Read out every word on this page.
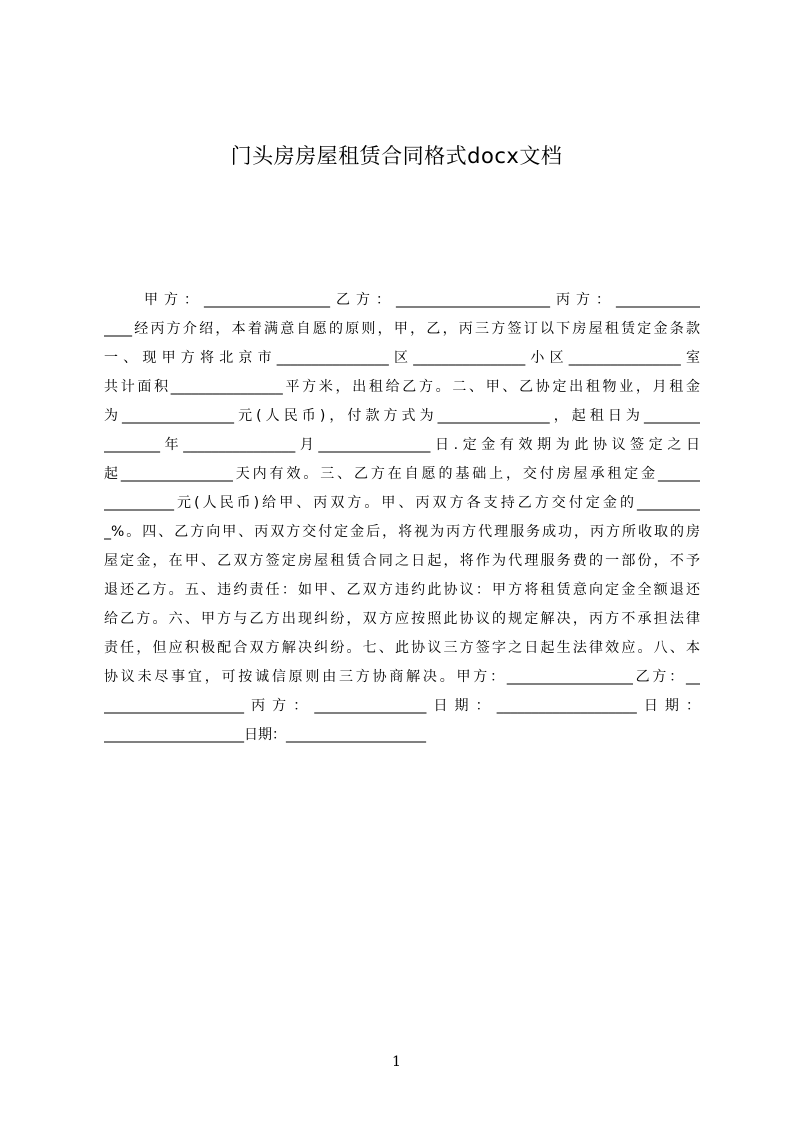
门头房房屋租赁合同格式docx文档

　　甲方：__________________乙方：______________________丙方：____________
____经丙方介绍，本着满意自愿的原则，甲，乙，丙三方签订以下房屋租赁定金条款
一、现甲方将北京市________________区________________小区________________室
共计面积________________平方米，出租给乙方。二、甲、乙协定出租物业，月租金
为________________元(人民币)，付款方式为________________，起租日为________
________年________________月________________日.定金有效期为此协议签定之日
起________________天内有效。三、乙方在自愿的基础上，交付房屋承租定金______
__________元(人民币)给甲、丙双方。甲、丙双方各支持乙方交付定金的_________
_%。四、乙方向甲、丙双方交付定金后，将视为丙方代理服务成功，丙方所收取的房
屋定金，在甲、乙双方签定房屋租赁合同之日起，将作为代理服务费的一部份，不予
退还乙方。五、违约责任：如甲、乙双方违约此协议：甲方将租赁意向定金全额退还
给乙方。六、甲方与乙方出现纠纷，双方应按照此协议的规定解决，丙方不承担法律
责任，但应积极配合双方解决纠纷。七、此协议三方签字之日起生法律效应。八、本
协议未尽事宜，可按诚信原则由三方协商解决。甲方：__________________乙方：__
____________________丙方：________________日期：____________________日期：
____________________日期：____________________

1
